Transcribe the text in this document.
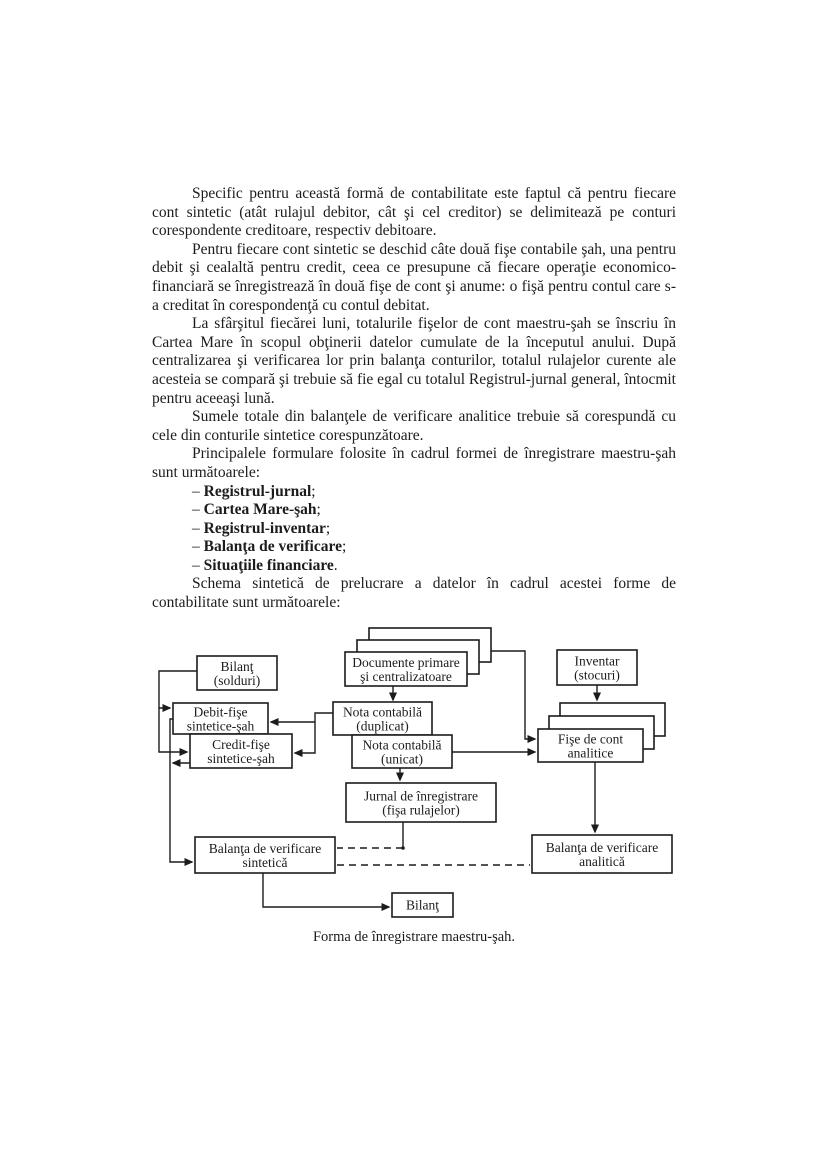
Specific pentru această formă de contabilitate este faptul că pentru fiecare cont sintetic (atât rulajul debitor, cât şi cel creditor) se delimitează pe conturi corespondente creditoare, respectiv debitoare.

Pentru fiecare cont sintetic se deschid câte două fişe contabile şah, una pentru debit şi cealaltă pentru credit, ceea ce presupune că fiecare operaţie economico-financiară se înregistrează în două fişe de cont şi anume: o fişă pentru contul care s-a creditat în corespondenţă cu contul debitat.

La sfârşitul fiecărei luni, totalurile fişelor de cont maestru-şah se înscriu în Cartea Mare în scopul obţinerii datelor cumulate de la începutul anului. După centralizarea şi verificarea lor prin balanţa conturilor, totalul rulajelor curente ale acesteia se compară şi trebuie să fie egal cu totalul Registrul-jurnal general, întocmit pentru aceeaşi lună.

Sumele totale din balanţele de verificare analitice trebuie să corespundă cu cele din conturile sintetice corespunzătoare.

Principalele formulare folosite în cadrul formei de înregistrare maestru-şah sunt următoarele:

– Registrul-jurnal;
– Cartea Mare-şah;
– Registrul-inventar;
– Balanţa de verificare;
– Situaţiile financiare.

Schema sintetică de prelucrare a datelor în cadrul acestei forme de contabilitate sunt următoarele:

Bilanţ
(solduri)
Documente primare
şi centralizatoare
Inventar
(stocuri)
Debit-fişe
sintetice-şah
Credit-fişe
sintetice-şah
Nota contabilă
(duplicat)
Nota contabilă
(unicat)
Fişe de cont
analitice
Jurnal de înregistrare
(fişa rulajelor)
Balanţa de verificare
sintetică
Balanţa de verificare
analitică
Bilanţ
Forma de înregistrare maestru-şah.
